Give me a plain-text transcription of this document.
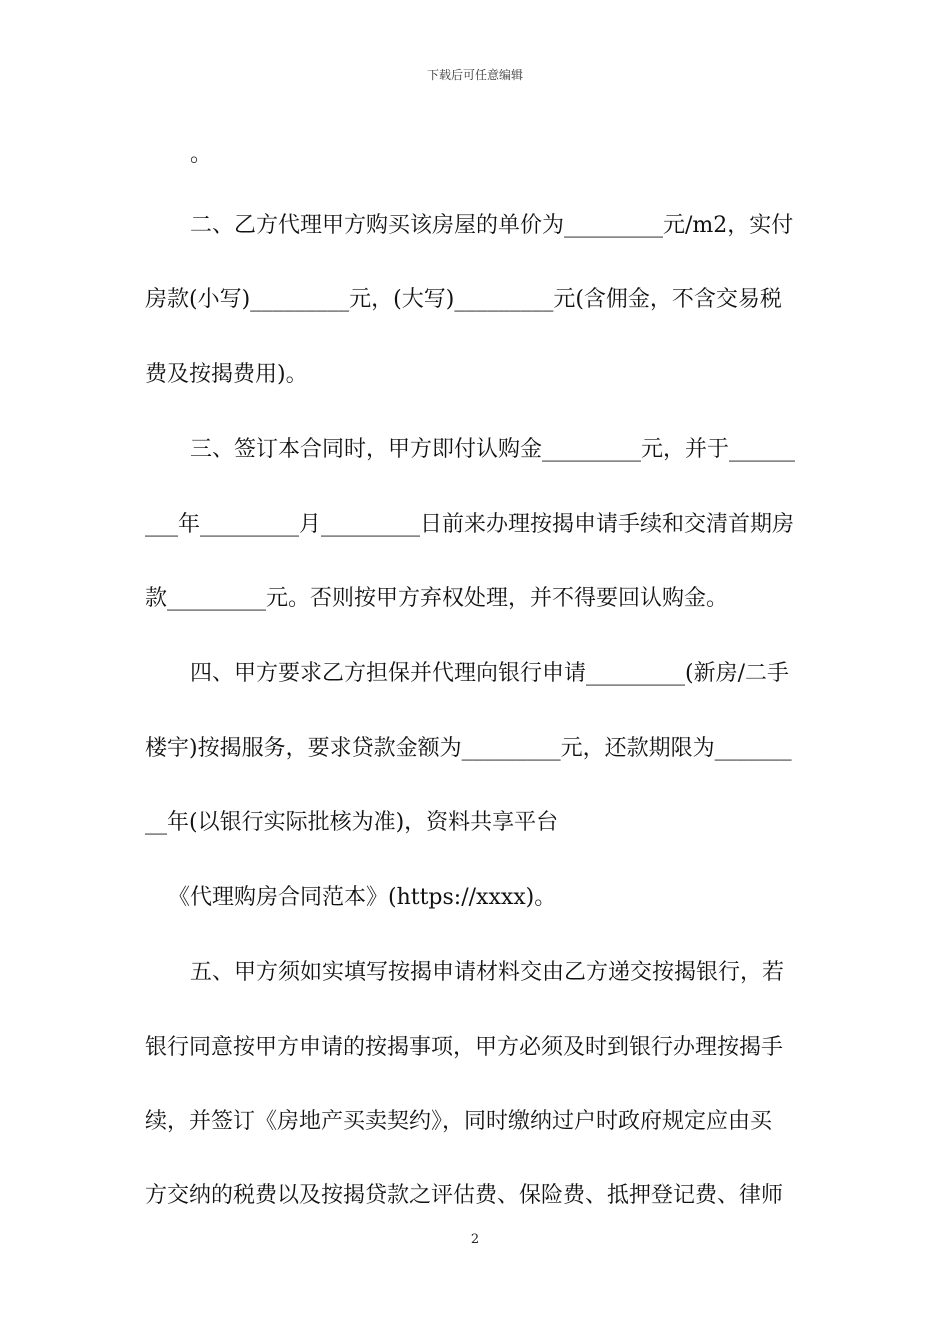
下载后可任意编辑
。
二、乙方代理甲方购买该房屋的单价为_________元/m2，实付
房款(小写)_________元，(大写)_________元(含佣金，不含交易税
费及按揭费用)。
三、签订本合同时，甲方即付认购金_________元，并于______
___年_________月_________日前来办理按揭申请手续和交清首期房
款_________元。否则按甲方弃权处理，并不得要回认购金。
四、甲方要求乙方担保并代理向银行申请_________(新房/二手
楼宇)按揭服务，要求贷款金额为_________元，还款期限为_______
__年(以银行实际批核为准)，资料共享平台
《代理购房合同范本》(https://xxxx)。
五、甲方须如实填写按揭申请材料交由乙方递交按揭银行，若
银行同意按甲方申请的按揭事项，甲方必须及时到银行办理按揭手
续，并签订《房地产买卖契约》，同时缴纳过户时政府规定应由买
方交纳的税费以及按揭贷款之评估费、保险费、抵押登记费、律师
2
